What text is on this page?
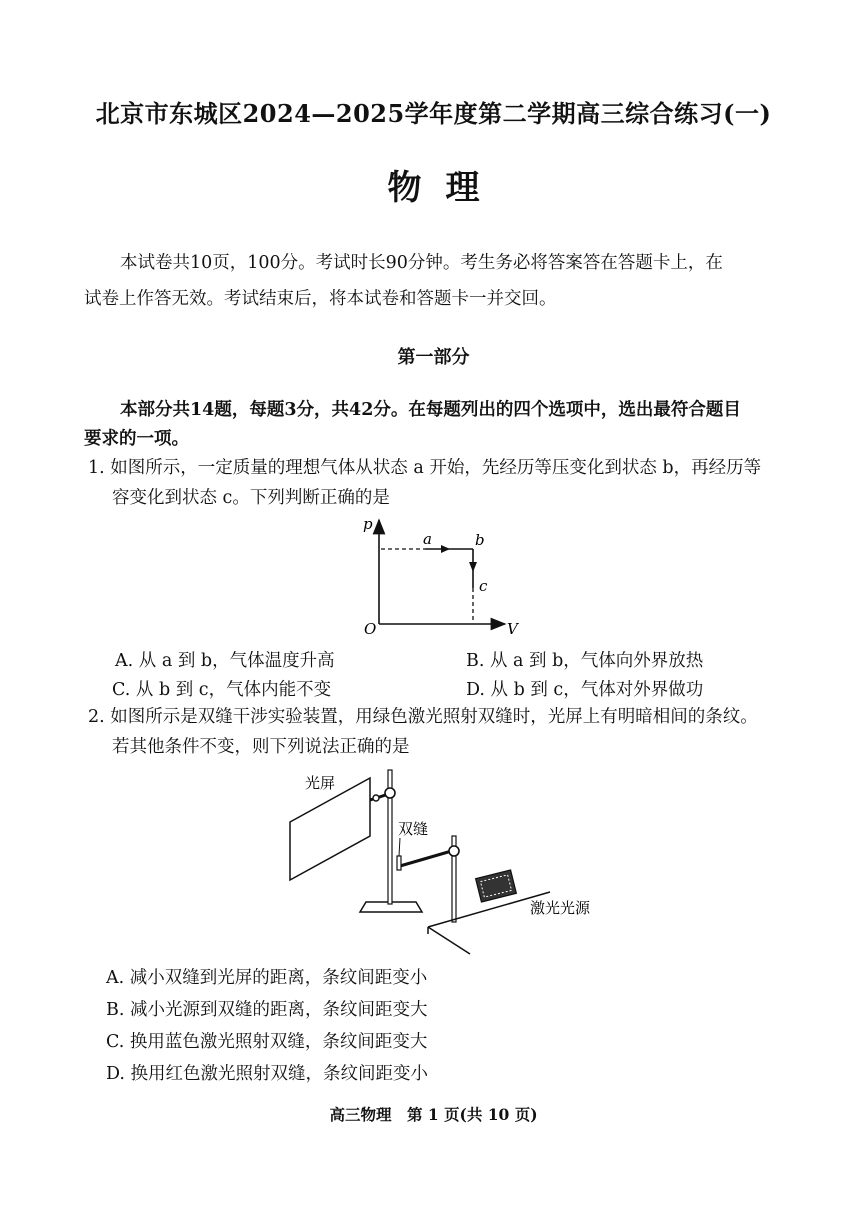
北京市东城区2024—2025学年度第二学期高三综合练习(一)
物理
本试卷共10页，100分。考试时长90分钟。考生务必将答案答在答题卡上，在
试卷上作答无效。考试结束后，将本试卷和答题卡一并交回。
第一部分
本部分共14题，每题3分，共42分。在每题列出的四个选项中，选出最符合题目
要求的一项。
1. 如图所示，一定质量的理想气体从状态 a 开始，先经历等压变化到状态 b，再经历等
容变化到状态 c。下列判断正确的是
p
V
O
a	b
c
A. 从 a 到 b，气体温度升高	B. 从 a 到 b，气体向外界放热
C. 从 b 到 c，气体内能不变	D. 从 b 到 c，气体对外界做功
2. 如图所示是双缝干涉实验装置，用绿色激光照射双缝时，光屏上有明暗相间的条纹。
若其他条件不变，则下列说法正确的是
光屏
双缝
激光光源
A. 减小双缝到光屏的距离，条纹间距变小
B. 减小光源到双缝的距离，条纹间距变大
C. 换用蓝色激光照射双缝，条纹间距变大
D. 换用红色激光照射双缝，条纹间距变小
高三物理　第 1 页(共 10 页)
